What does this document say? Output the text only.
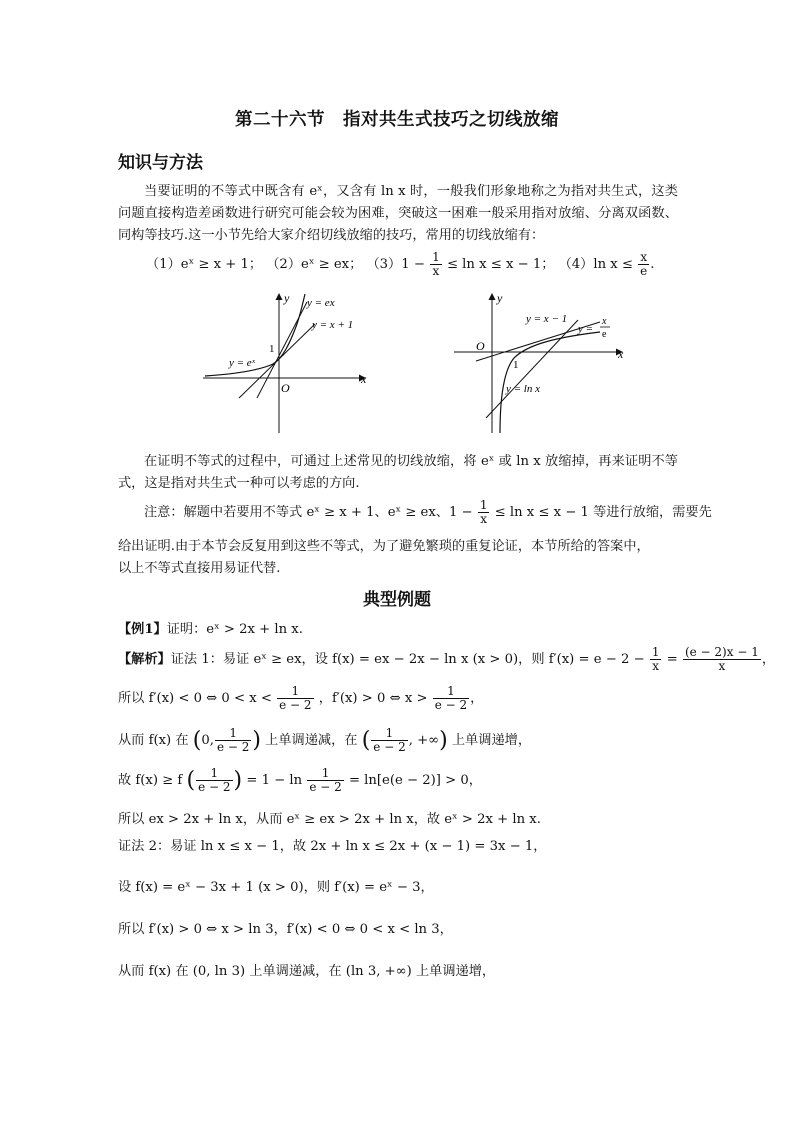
第二十六节　指对共生式技巧之切线放缩
知识与方法
当要证明的不等式中既含有 eˣ，又含有 ln x 时，一般我们形象地称之为指对共生式，这类问题直接构造差函数进行研究可能会较为困难，突破这一困难一般采用指对放缩、分离双函数、同构等技巧.这一小节先给大家介绍切线放缩的技巧，常用的切线放缩有：
（1）eˣ ≥ x + 1； （2）eˣ ≥ ex； $(3)1 - \frac{1}{x} \le \ln x \le x - 1$； （4）ln $x \le \frac{x}{e}$ .
y
x
O
1
y = ex
y = x + 1
y = eˣ
y
x
O
1
y = x − 1
y =
x
e
y = ln x
在证明不等式的过程中，可通过上述常见的切线放缩，将 eˣ 或 ln x 放缩掉，再来证明不等式，这是指对共生式一种可以考虑的方向.
注意：解题中若要用不等式 eˣ ≥ x + 1、eˣ ≥ ex、$1 - \frac{1}{x} \le \ln x \le x - 1$ 等进行放缩，需要先
给出证明.由于本节会反复用到这些不等式，为了避免繁琐的重复论证，本节所给的答案中，
以上不等式直接用易证代替.
典型例题
【例1】证明：eˣ > 2x + ln x.
【解析】证法 1：易证 eˣ ≥ ex，设 f(x) = ex − 2x − ln x (x > 0)，则 $f'(x) = e - 2 - \frac{1}{x} = \frac{(e - 2)x - 1}{x}$ ，
所以 f′(x) < 0 ⇔ $0 < x < \frac{1}{e - 2}$ ，f′(x) > 0 ⇔ $x > \frac{1}{e - 2}$ ，
从而 f(x) 在 (0, $\frac{1}{e - 2}$ ) 上单调递减，在 ( $\frac{1}{e - 2}$ , +∞) 上单调递增，
故 f(x) ≥ f ( $\frac{1}{e - 2}$ ) = $1 - \ln \frac{1}{e - 2} = \ln[e(e - 2)] > 0$，
所以 ex > 2x + ln x，从而 eˣ ≥ ex > 2x + ln x，故 eˣ > 2x + ln x.
证法 2：易证 ln x ≤ x − 1，故 2x + ln x ≤ 2x + (x − 1) = 3x − 1，
设 f(x) = eˣ − 3x + 1 (x > 0)，则 f′(x) = eˣ − 3，
所以 f′(x) > 0 ⇔ x > ln 3，f′(x) < 0 ⇔ 0 < x < ln 3，
从而 f(x) 在 (0, ln 3) 上单调递减，在 (ln 3, +∞) 上单调递增，
